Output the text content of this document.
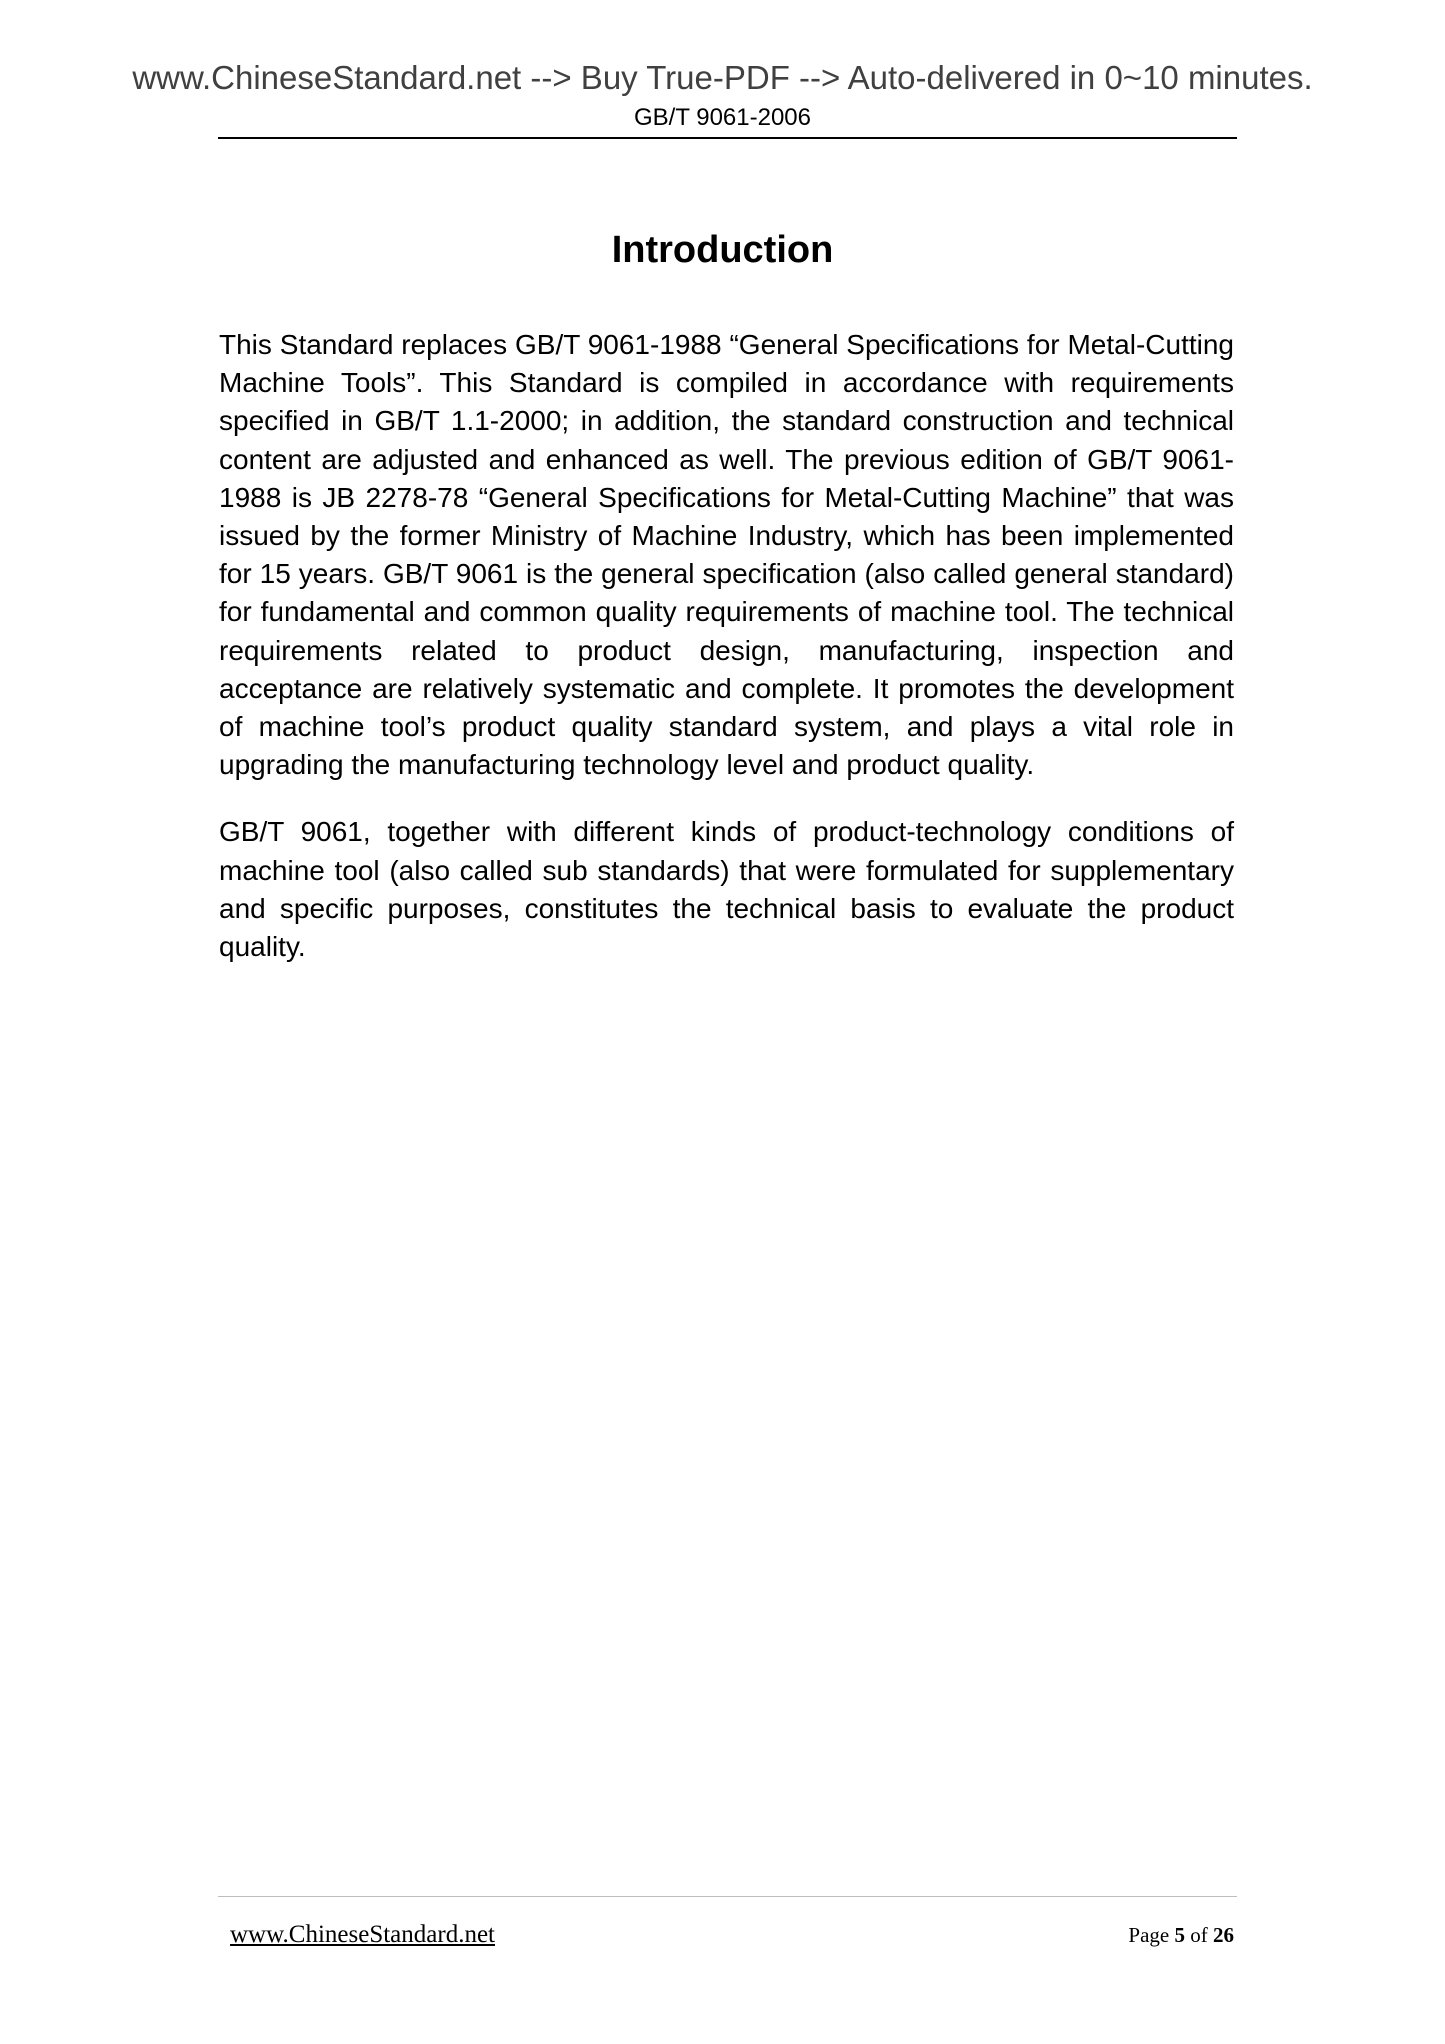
www.ChineseStandard.net --> Buy True-PDF --> Auto-delivered in 0~10 minutes.
GB/T 9061-2006
Introduction

This Standard replaces GB/T 9061-1988 “General Specifications for Metal-Cutting Machine Tools”. This Standard is compiled in accordance with requirements specified in GB/T 1.1-2000; in addition, the standard construction and technical content are adjusted and enhanced as well. The previous edition of GB/T 9061-1988 is JB 2278-78 “General Specifications for Metal-Cutting Machine” that was issued by the former Ministry of Machine Industry, which has been implemented for 15 years. GB/T 9061 is the general specification (also called general standard) for fundamental and common quality requirements of machine tool. The technical requirements related to product design, manufacturing, inspection and acceptance are relatively systematic and complete. It promotes the development of machine tool’s product quality standard system, and plays a vital role in upgrading the manufacturing technology level and product quality.

GB/T 9061, together with different kinds of product-technology conditions of machine tool (also called sub standards) that were formulated for supplementary and specific purposes, constitutes the technical basis to evaluate the product quality.

www.ChineseStandard.net	Page 5 of 26
